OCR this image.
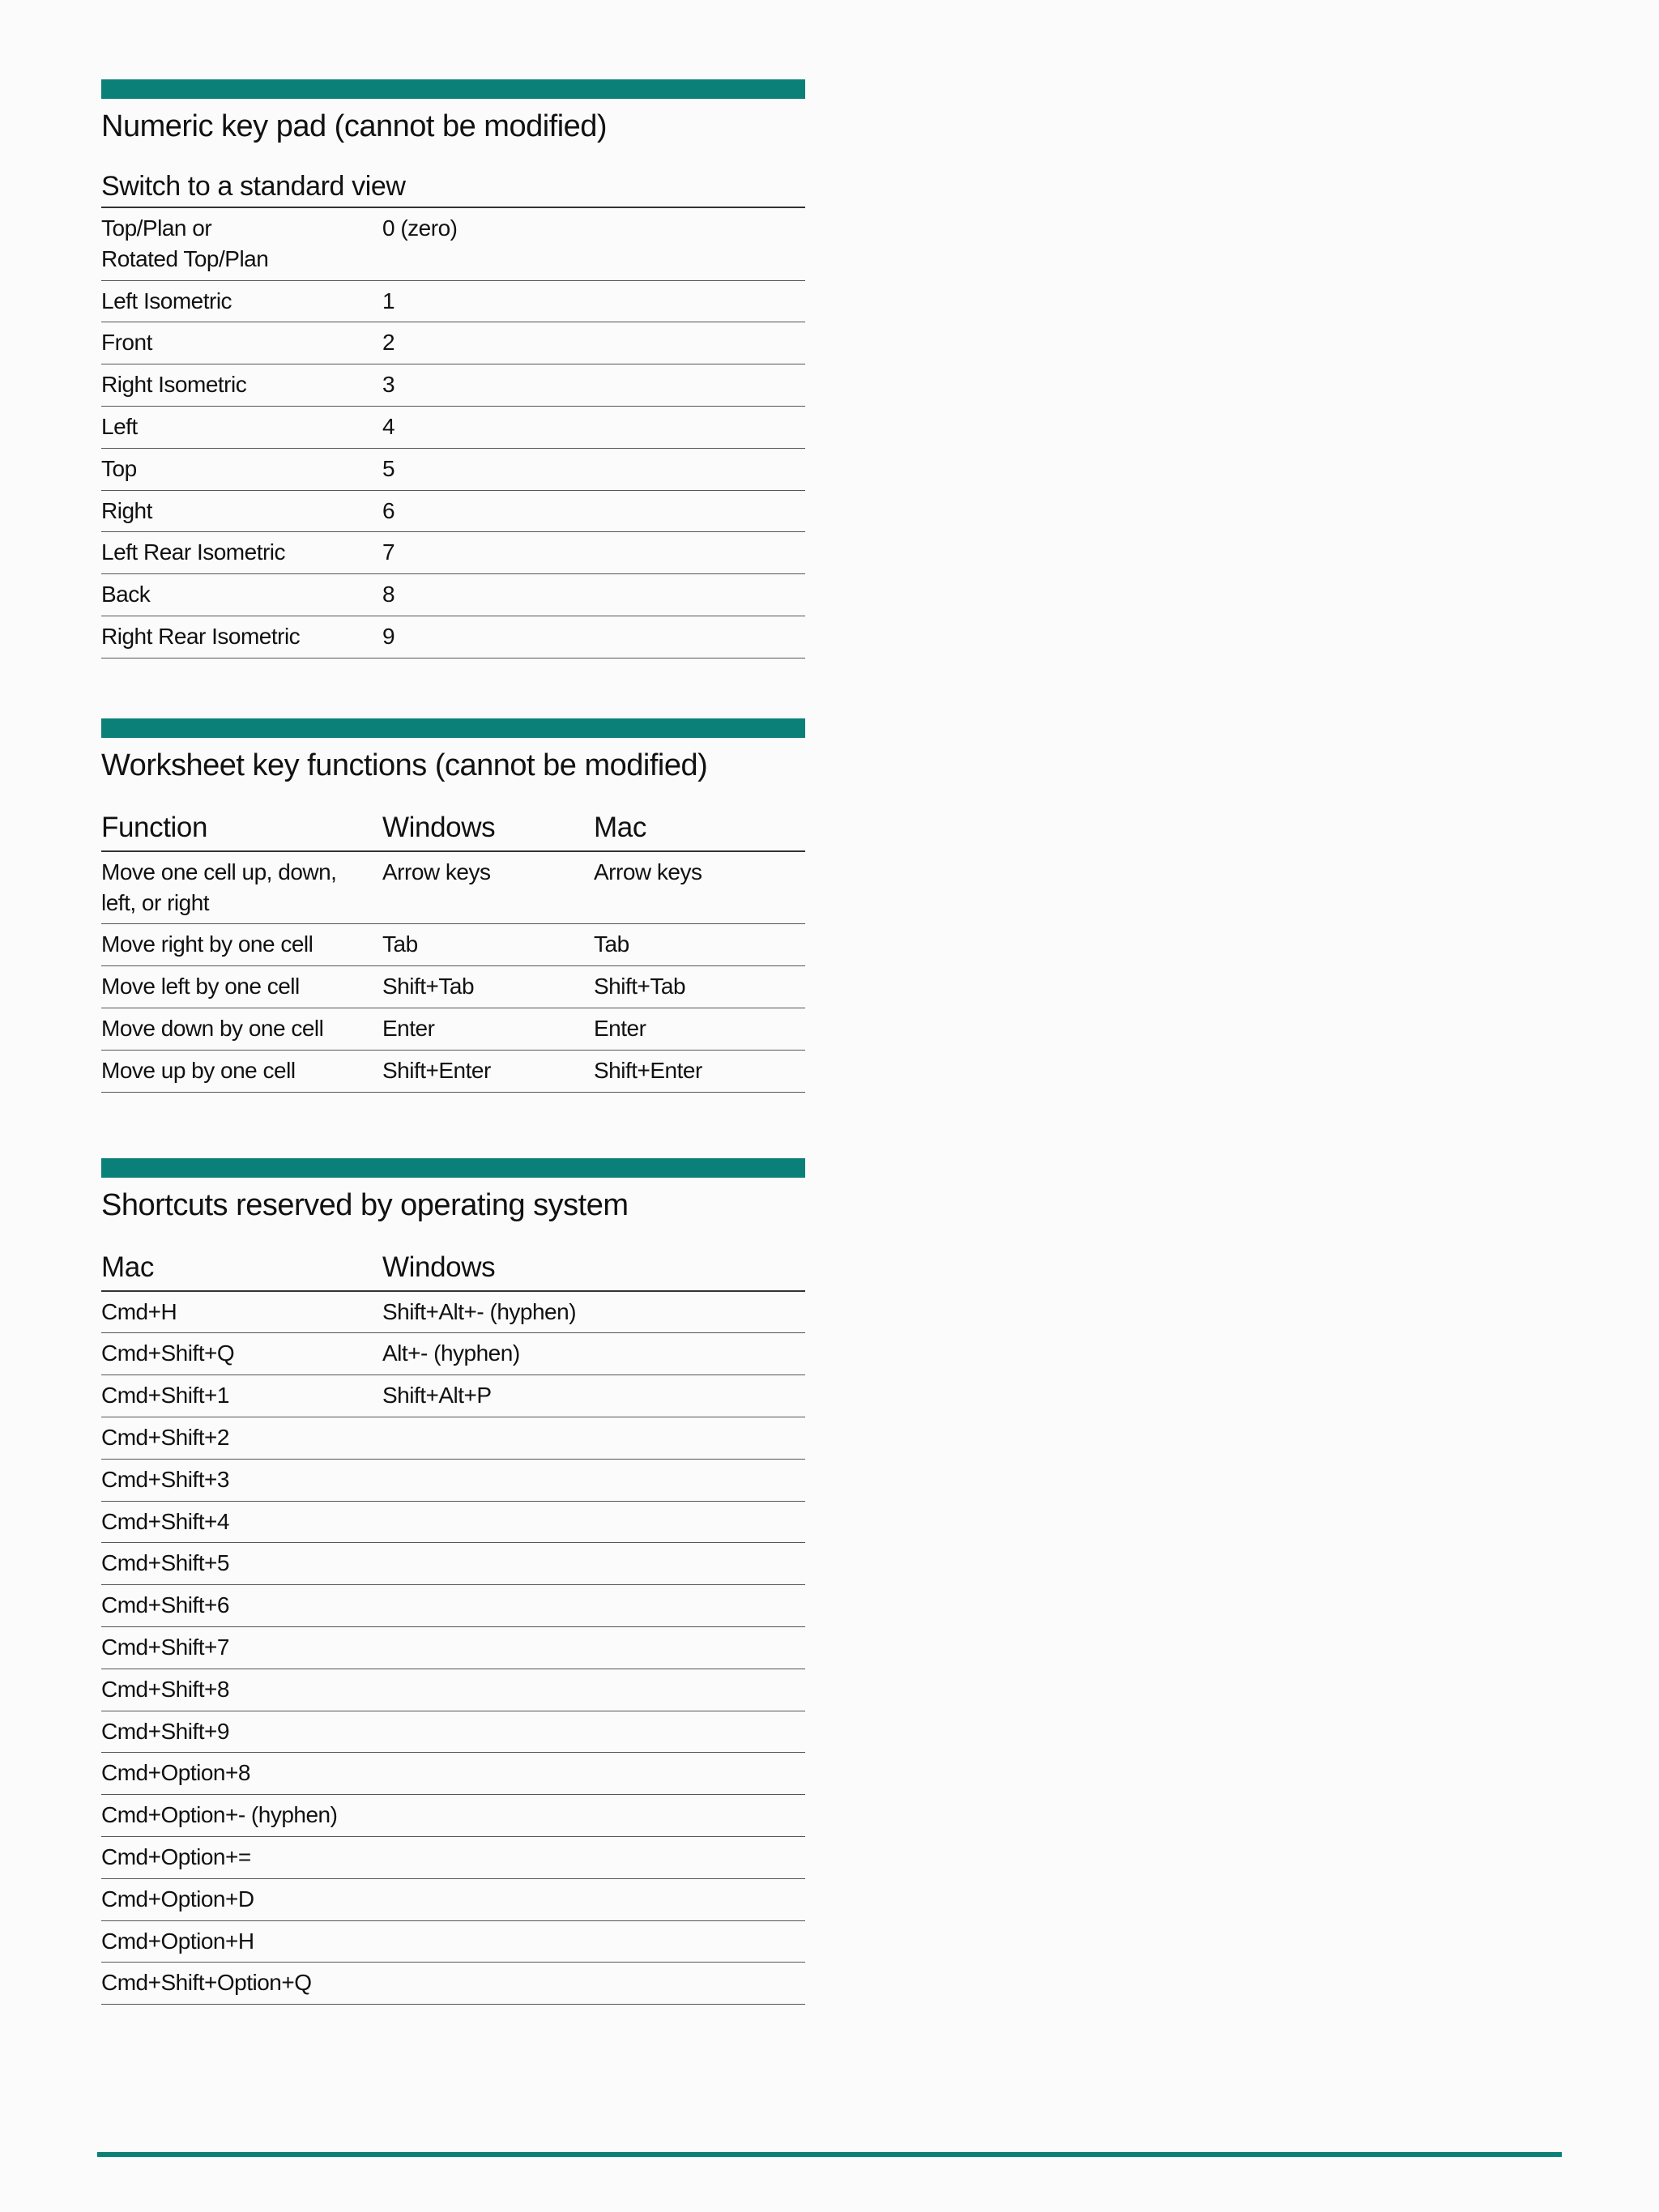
Numeric key pad (cannot be modified)
Switch to a standard view
Top/Plan or
Rotated Top/Plan	0 (zero)
Left Isometric	1
Front	2
Right Isometric	3
Left	4
Top	5
Right	6
Left Rear Isometric	7
Back	8
Right Rear Isometric	9
Worksheet key functions (cannot be modified)
Function	Windows	Mac
Move one cell up, down,
left, or right	Arrow keys	Arrow keys
Move right by one cell	Tab	Tab
Move left by one cell	Shift+Tab	Shift+Tab
Move down by one cell	Enter	Enter
Move up by one cell	Shift+Enter	Shift+Enter
Shortcuts reserved by operating system
Mac	Windows
Cmd+H	Shift+Alt+- (hyphen)
Cmd+Shift+Q	Alt+- (hyphen)
Cmd+Shift+1	Shift+Alt+P
Cmd+Shift+2	
Cmd+Shift+3	
Cmd+Shift+4	
Cmd+Shift+5	
Cmd+Shift+6	
Cmd+Shift+7	
Cmd+Shift+8	
Cmd+Shift+9	
Cmd+Option+8	
Cmd+Option+- (hyphen)	
Cmd+Option+=	
Cmd+Option+D	
Cmd+Option+H	
Cmd+Shift+Option+Q	
